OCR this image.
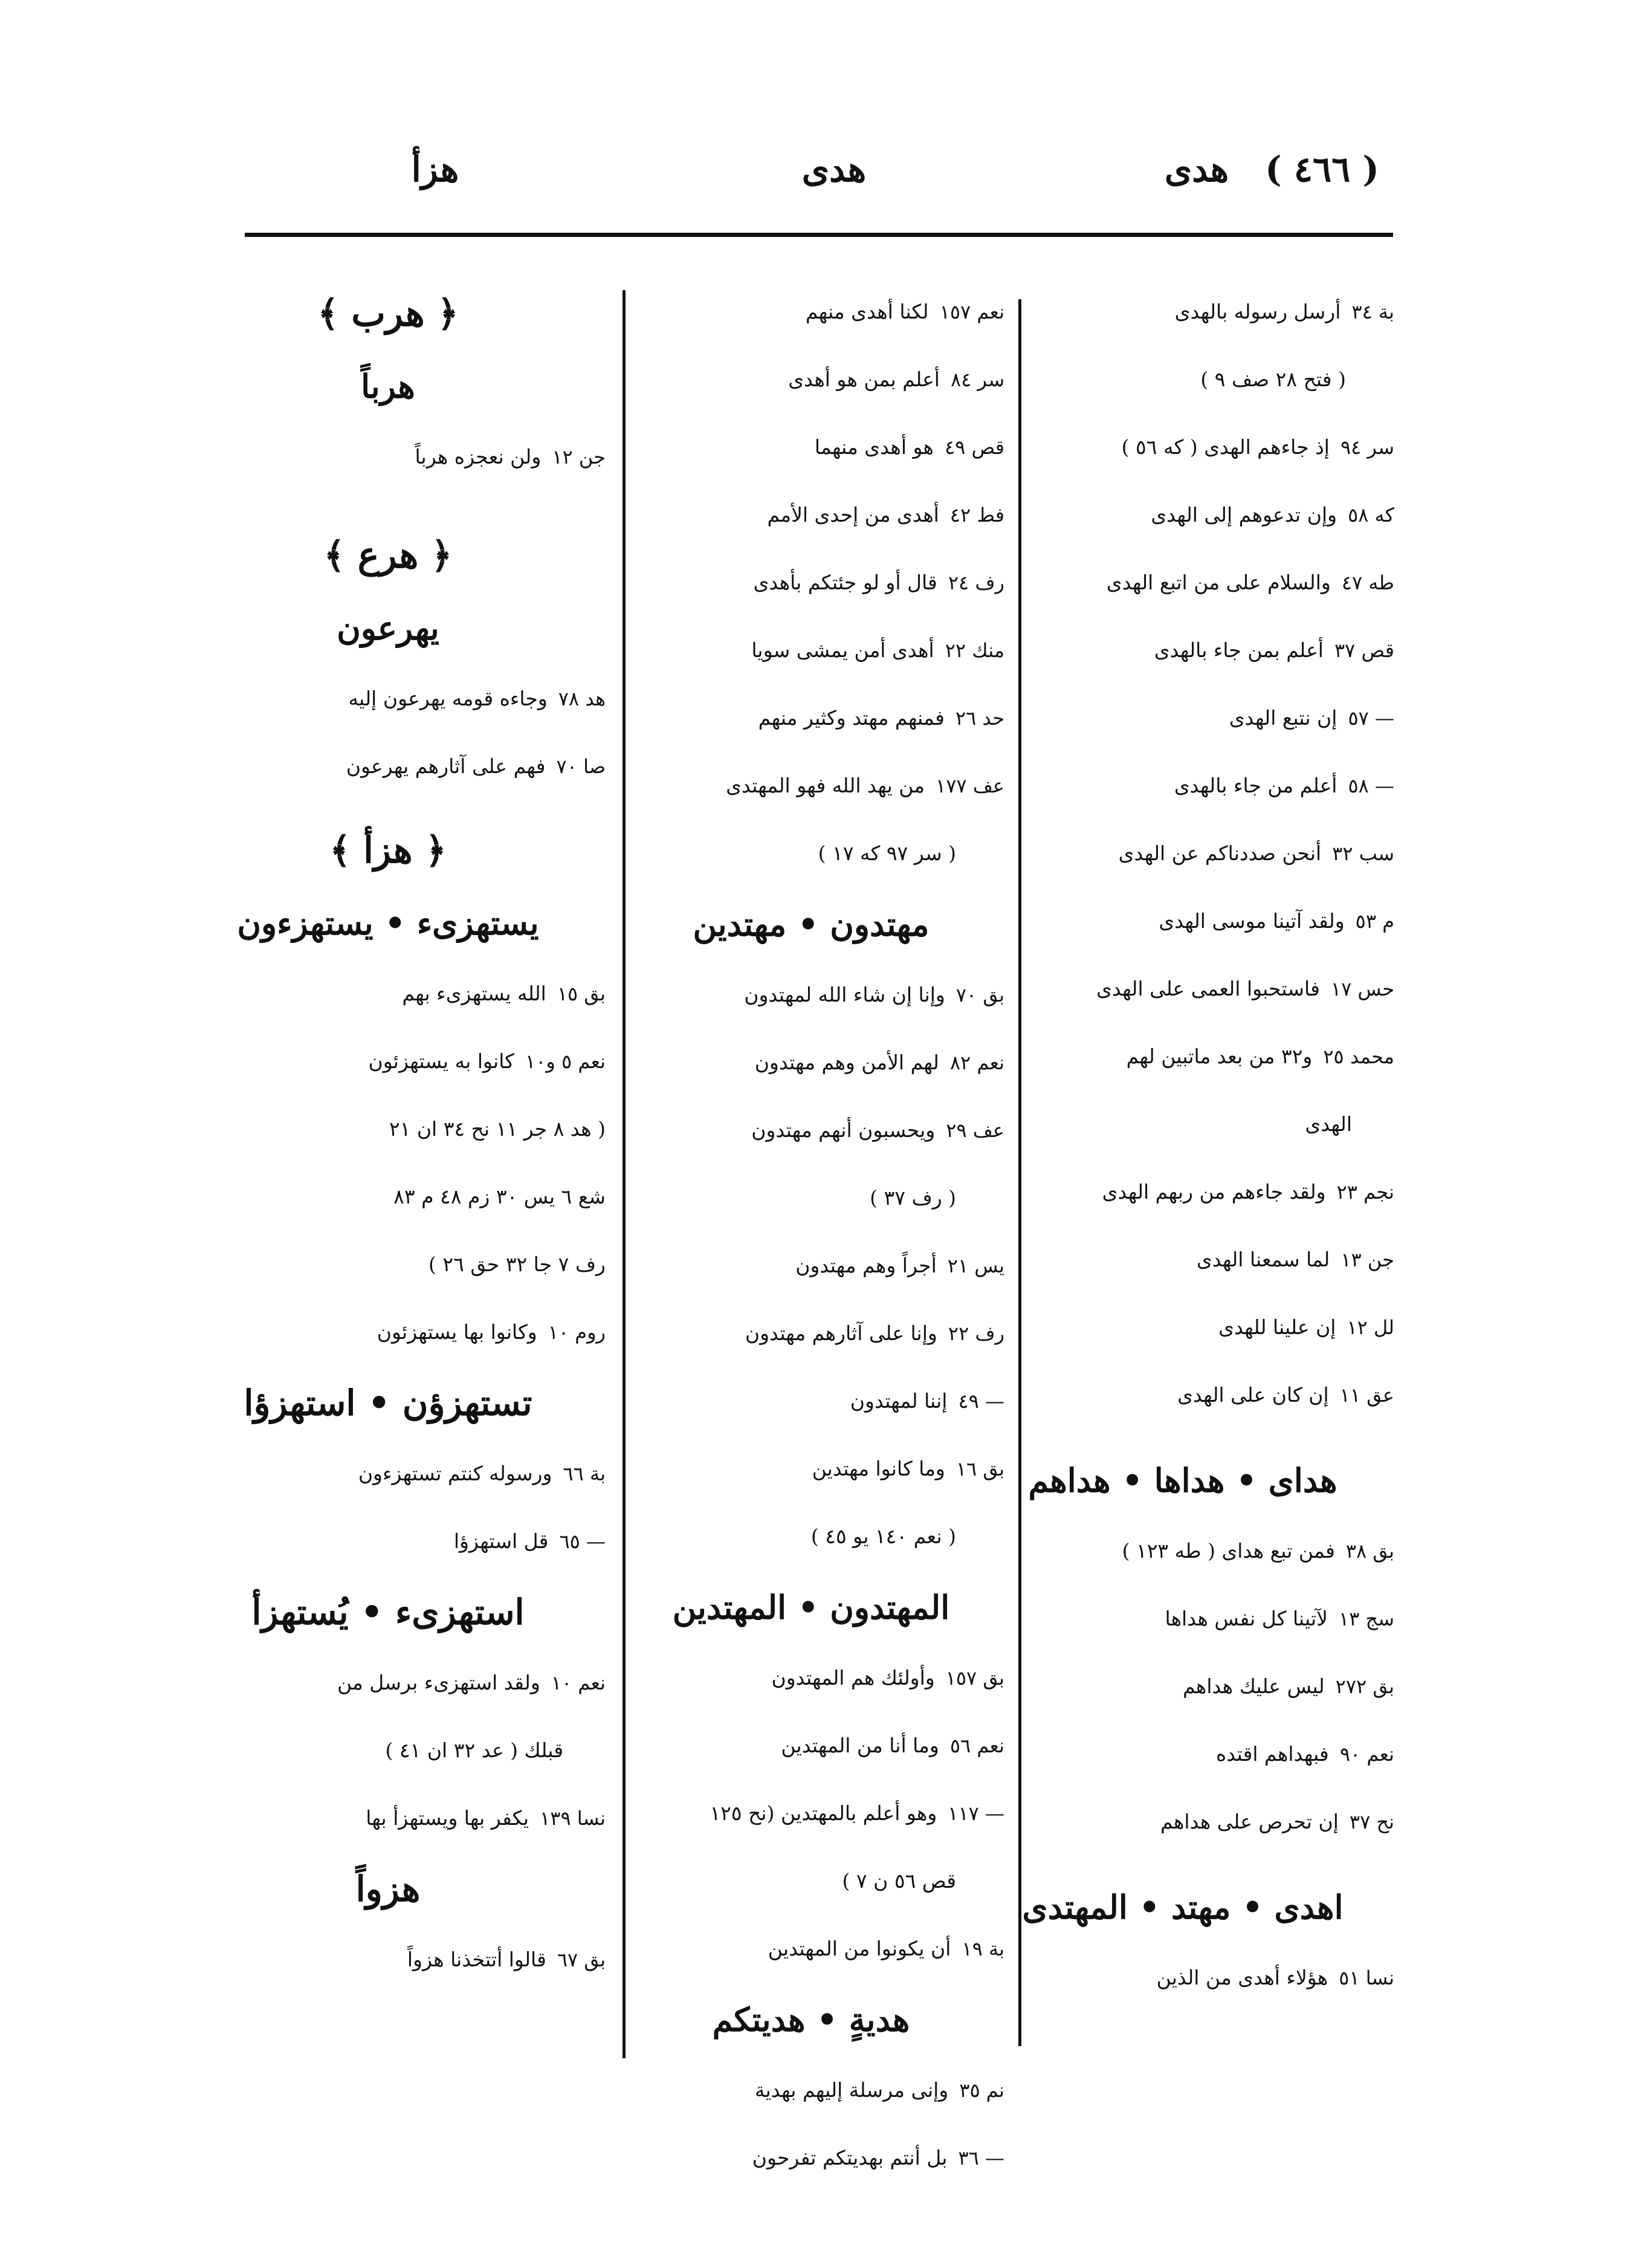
( ٤٦٦ )
هدى
هدى
هزأ
بة ٣٤
أرسل رسوله بالهدى
( فتح ٢٨ صف ٩ )
سر ٩٤
إذ جاءهم الهدى ( كه ٥٦ )
كه ٥٨
وإن تدعوهم إلى الهدى
طه ٤٧
والسلام على من اتبع الهدى
قص ٣٧
أعلم بمن جاء بالهدى
— ٥٧
إن نتبع الهدى
— ٥٨
أعلم من جاء بالهدى
سب ٣٢
أنحن صددناكم عن الهدى
م ٥٣
ولقد آتينا موسى الهدى
حس ١٧
فاستحبوا العمى على الهدى
محمد ٢٥
و٣٢ من بعد ماتبين لهم
الهدى
نجم ٢٣
ولقد جاءهم من ربهم الهدى
جن ١٣
لما سمعنا الهدى
لل ١٢
إن علينا للهدى
عق ١١
إن كان على الهدى
هداى • هداها • هداهم
بق ٣٨
فمن تبع هداى ( طه ١٢٣ )
سج ١٣
لآتينا كل نفس هداها
بق ٢٧٢
ليس عليك هداهم
نعم ٩٠
فبهداهم اقتده
نح ٣٧
إن تحرص على هداهم
اهدى • مهتد • المهتدى
نسا ٥١
هؤلاء أهدى من الذين
نعم ١٥٧
لكنا أهدى منهم
سر ٨٤
أعلم بمن هو أهدى
قص ٤٩
هو أهدى منهما
فط ٤٢
أهدى من إحدى الأمم
رف ٢٤
قال أو لو جئتكم بأهدى
منك ٢٢
أهدى أمن يمشى سويا
حد ٢٦
فمنهم مهتد وكثير منهم
عف ١٧٧
من يهد الله فهو المهتدى
( سر ٩٧ كه ١٧ )
مهتدون • مهتدين
بق ٧٠
وإنا إن شاء الله لمهتدون
نعم ٨٢
لهم الأمن وهم مهتدون
عف ٢٩
ويحسبون أنهم مهتدون
( رف ٣٧ )
يس ٢١
أجراً وهم مهتدون
رف ٢٢
وإنا على آثارهم مهتدون
— ٤٩
إننا لمهتدون
بق ١٦
وما كانوا مهتدين
( نعم ١٤٠ يو ٤٥ )
المهتدون • المهتدين
بق ١٥٧
وأولئك هم المهتدون
نعم ٥٦
وما أنا من المهتدين
— ١١٧
وهو أعلم بالمهتدين (نح ١٢٥
قص ٥٦ ن ٧ )
بة ١٩
أن يكونوا من المهتدين
هديةٍ • هديتكم
نم ٣٥
وإنى مرسلة إليهم بهدية
— ٣٦
بل أنتم بهديتكم تفرحون
﴿ هرب ﴾
هرباً
جن ١٢
ولن نعجزه هرباً
﴿ هرع ﴾
يهرعون
هد ٧٨
وجاءه قومه يهرعون إليه
صا ٧٠
فهم على آثارهم يهرعون
﴿ هزأ ﴾
يستهزىء • يستهزءون
بق ١٥
الله يستهزىء بهم
نعم ٥ و١٠
كانوا به يستهزئون
( هد ٨ جر ١١ نح ٣٤ ان ٢١
شع ٦ يس ٣٠ زم ٤٨ م ٨٣
رف ٧ جا ٣٢ حق ٢٦ )
روم ١٠
وكانوا بها يستهزئون
تستهزؤن • استهزؤا
بة ٦٦
ورسوله كنتم تستهزءون
— ٦٥
قل استهزؤا
استهزىء • يُستهزأ
نعم ١٠
ولقد استهزىء برسل من
قبلك ( عد ٣٢ ان ٤١ )
نسا ١٣٩
يكفر بها ويستهزأ بها
هزواً
بق ٦٧
قالوا أتتخذنا هزواً
